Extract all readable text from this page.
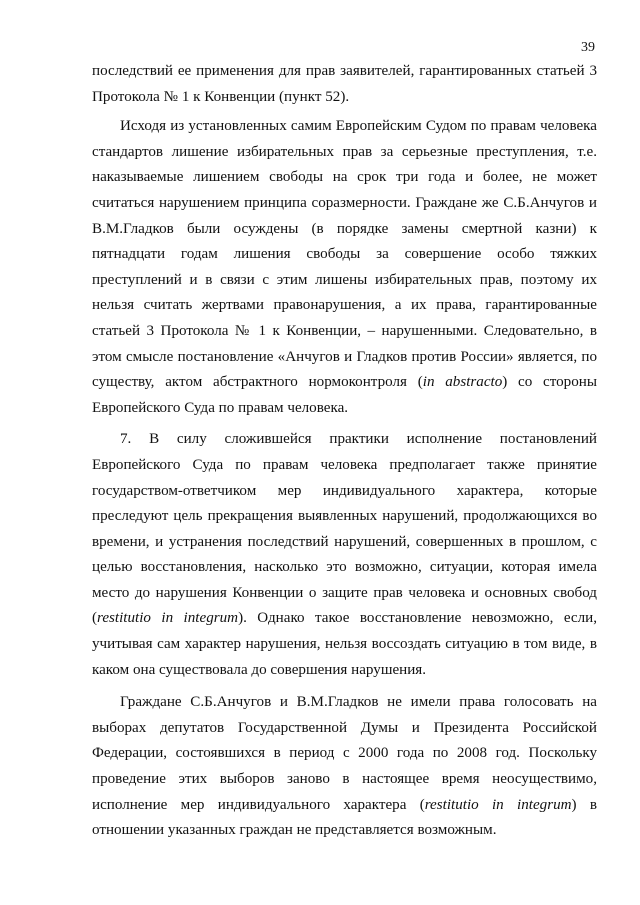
39

последствий ее применения для прав заявителей, гарантированных статьей 3 Протокола № 1 к Конвенции (пункт 52).

Исходя из установленных самим Европейским Судом по правам человека стандартов лишение избирательных прав за серьезные преступления, т.е. наказываемые лишением свободы на срок три года и более, не может считаться нарушением принципа соразмерности. Граждане же С.Б.Анчугов и В.М.Гладков были осуждены (в порядке замены смертной казни) к пятнадцати годам лишения свободы за совершение особо тяжких преступлений и в связи с этим лишены избирательных прав, поэтому их нельзя считать жертвами правонарушения, а их права, гарантированные статьей 3 Протокола № 1 к Конвенции, – нарушенными. Следовательно, в этом смысле постановление «Анчугов и Гладков против России» является, по существу, актом абстрактного нормоконтроля (in abstracto) со стороны Европейского Суда по правам человека.

7. В силу сложившейся практики исполнение постановлений Европейского Суда по правам человека предполагает также принятие государством-ответчиком мер индивидуального характера, которые преследуют цель прекращения выявленных нарушений, продолжающихся во времени, и устранения последствий нарушений, совершенных в прошлом, с целью восстановления, насколько это возможно, ситуации, которая имела место до нарушения Конвенции о защите прав человека и основных свобод (restitutio in integrum). Однако такое восстановление невозможно, если, учитывая сам характер нарушения, нельзя воссоздать ситуацию в том виде, в каком она существовала до совершения нарушения.

Граждане С.Б.Анчугов и В.М.Гладков не имели права голосовать на выборах депутатов Государственной Думы и Президента Российской Федерации, состоявшихся в период с 2000 года по 2008 год. Поскольку проведение этих выборов заново в настоящее время неосуществимо, исполнение мер индивидуального характера (restitutio in integrum) в отношении указанных граждан не представляется возможным.
